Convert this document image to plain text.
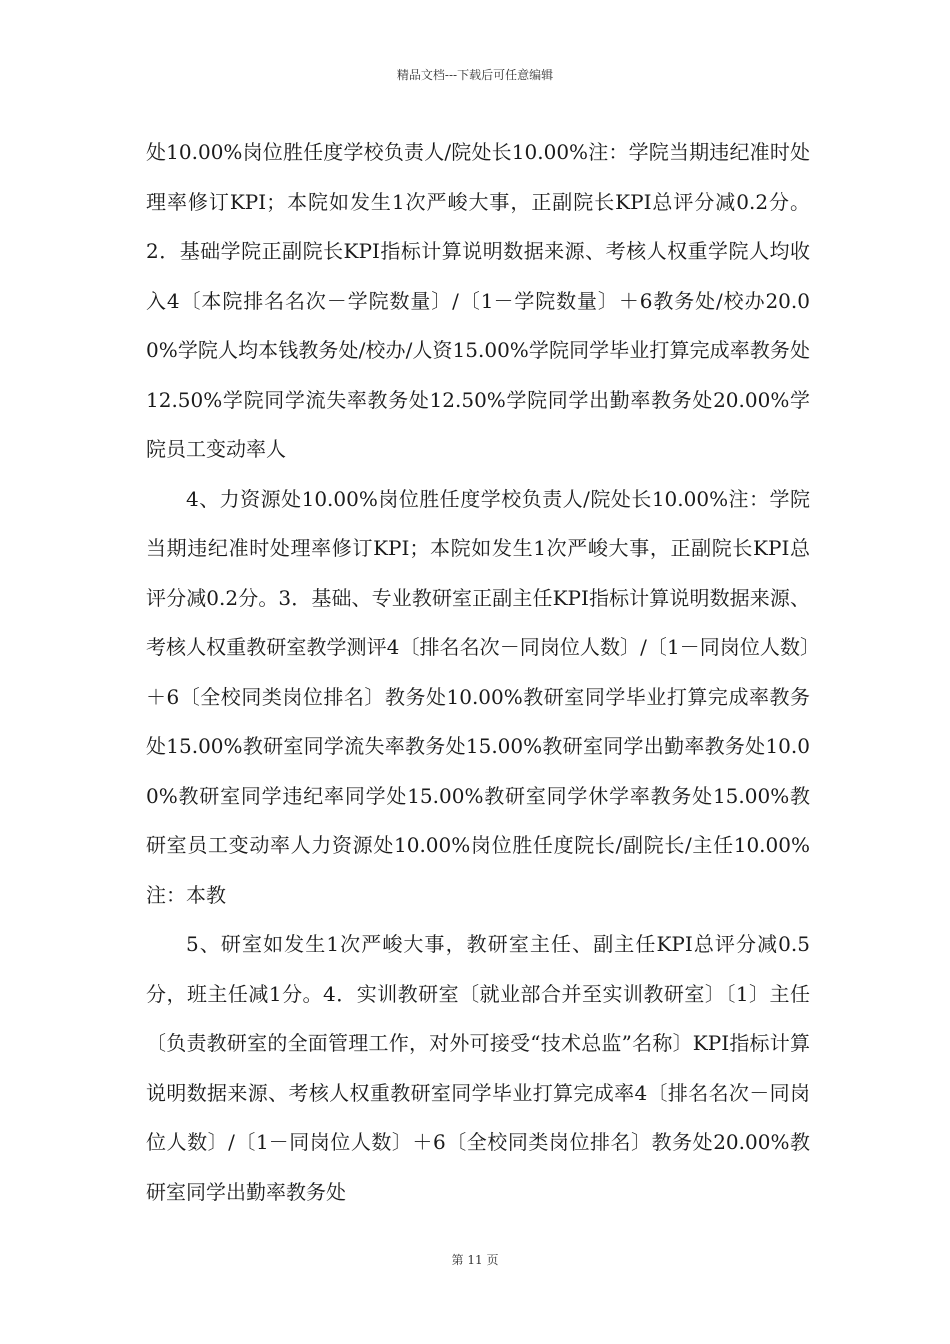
精品文档---下载后可任意编辑

处10.00%岗位胜任度学校负责人/院处长10.00%注：学院当期违纪准时处理率修订KPI；本院如发生1次严峻大事，正副院长KPI总评分减0.2分。2．基础学院正副院长KPI指标计算说明数据来源、考核人权重学院人均收入4〔本院排名名次－学院数量〕/〔1－学院数量〕＋6教务处/校办20.00%学院人均本钱教务处/校办/人资15.00%学院同学毕业打算完成率教务处12.50%学院同学流失率教务处12.50%学院同学出勤率教务处20.00%学院员工变动率人

4、力资源处10.00%岗位胜任度学校负责人/院处长10.00%注：学院当期违纪准时处理率修订KPI；本院如发生1次严峻大事，正副院长KPI总评分减0.2分。3．基础、专业教研室正副主任KPI指标计算说明数据来源、考核人权重教研室教学测评4〔排名名次－同岗位人数〕/〔1－同岗位人数〕＋6〔全校同类岗位排名〕教务处10.00%教研室同学毕业打算完成率教务处15.00%教研室同学流失率教务处15.00%教研室同学出勤率教务处10.00%教研室同学违纪率同学处15.00%教研室同学休学率教务处15.00%教研室员工变动率人力资源处10.00%岗位胜任度院长/副院长/主任10.00%注：本教

5、研室如发生1次严峻大事，教研室主任、副主任KPI总评分减0.5分，班主任减1分。4．实训教研室〔就业部合并至实训教研室〕〔1〕主任〔负责教研室的全面管理工作，对外可接受“技术总监”名称〕KPI指标计算说明数据来源、考核人权重教研室同学毕业打算完成率4〔排名名次－同岗位人数〕/〔1－同岗位人数〕＋6〔全校同类岗位排名〕教务处20.00%教研室同学出勤率教务处

第 11 页
